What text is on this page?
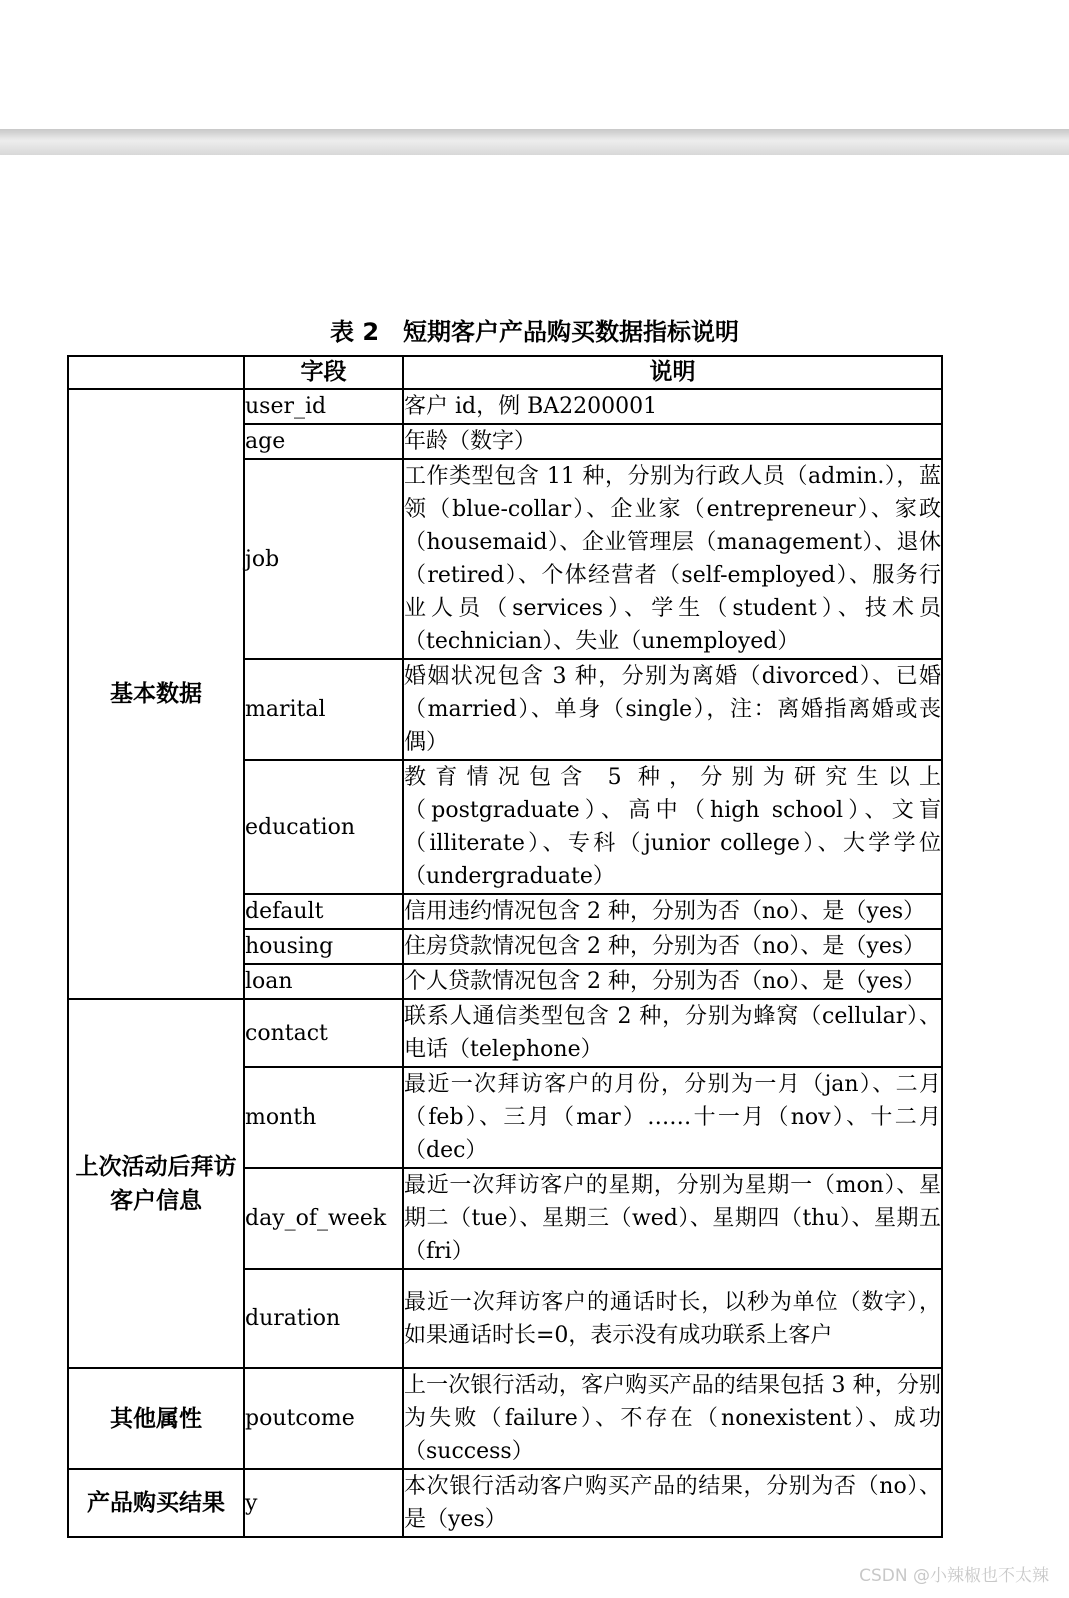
表 2 短期客户产品购买数据指标说明
	字段	说明
基本数据	user_id	客户 id，例 BA2200001
	age	年龄（数字）
	job	工作类型包含 11 种，分别为行政人员（admin.），蓝领（blue-collar）、企业家（entrepreneur）、家政（housemaid）、企业管理层（management）、退休（retired）、个体经营者（self-employed）、服务行业人员（services）、学生（student）、技术员（technician）、失业（unemployed）
	marital	婚姻状况包含 3 种，分别为离婚（divorced）、已婚（married）、单身（single），注：离婚指离婚或丧偶）
	education	教育情况包含 5 种，分别为研究生以上（postgraduate）、高中（high school）、文盲（illiterate）、专科（junior college）、大学学位（undergraduate）
	default	信用违约情况包含 2 种，分别为否（no）、是（yes）
	housing	住房贷款情况包含 2 种，分别为否（no）、是（yes）
	loan	个人贷款情况包含 2 种，分别为否（no）、是（yes）
上次活动后拜访客户信息	contact	联系人通信类型包含 2 种，分别为蜂窝（cellular）、电话（telephone）
	month	最近一次拜访客户的月份，分别为一月（jan）、二月（feb）、三月（mar）……十一月（nov）、十二月（dec）
	day_of_week	最近一次拜访客户的星期，分别为星期一（mon）、星期二（tue）、星期三（wed）、星期四（thu）、星期五（fri）
	duration	最近一次拜访客户的通话时长，以秒为单位（数字），如果通话时长=0，表示没有成功联系上客户
其他属性	poutcome	上一次银行活动，客户购买产品的结果包括 3 种，分别为失败（failure）、不存在（nonexistent）、成功（success）
产品购买结果	y	本次银行活动客户购买产品的结果，分别为否（no）、是（yes）
CSDN @小辣椒也不太辣
